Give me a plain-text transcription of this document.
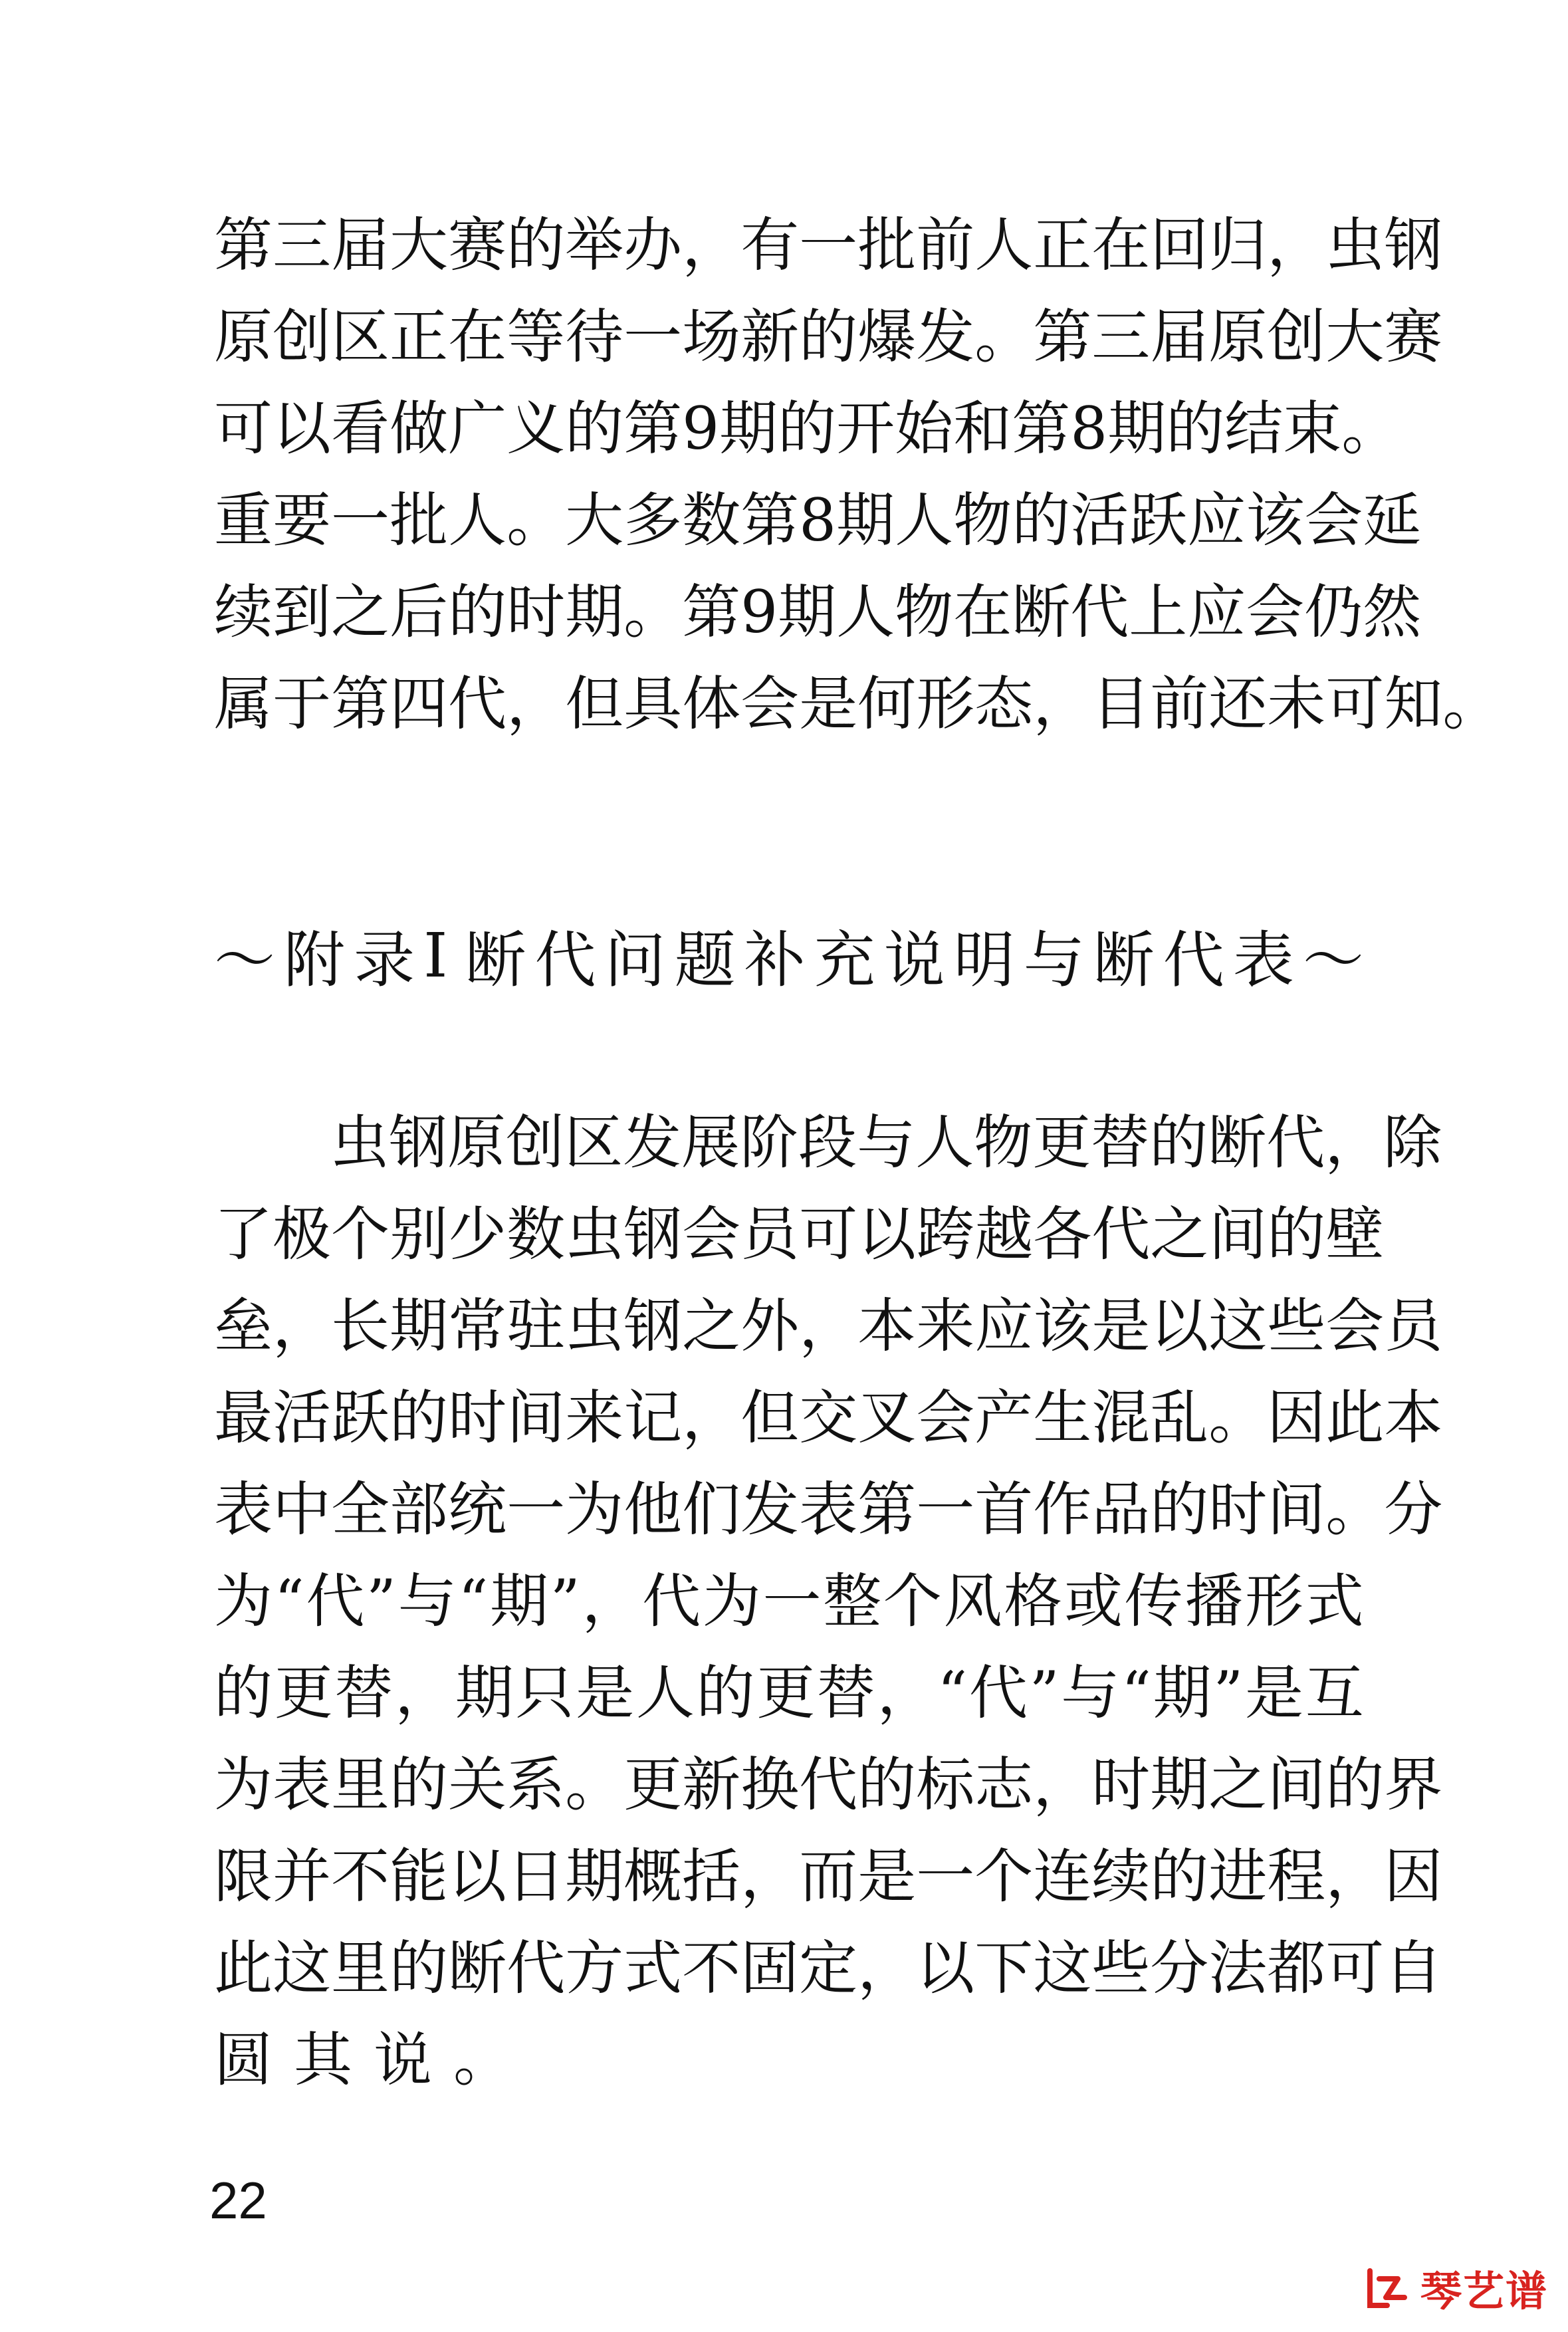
第 三 届 大 赛 的 举 办 ， 有 一 批 前 人 正 在 回 归 ， 虫 钢
原 创 区 正 在 等 待 一 场 新 的 爆 发 。 第 三 届 原 创 大 赛
可 以 看 做 广 义 的 第 9 期 的 开 始 和 第 8 期 的 结 束 。
重 要 一 批 人 。 大 多 数 第 8 期 人 物 的 活 跃 应 该 会 延
续 到 之 后 的 时 期 。 第 9 期 人 物 在 断 代 上 应 会 仍 然
属 于 第 四 代 ， 但 具 体 会 是 何 形 态 ， 目 前 还 未 可 知 。
～ 附 录 Ⅰ 断 代 问 题 补 充 说 明 与 断 代 表 ～
虫 钢 原 创 区 发 展 阶 段 与 人 物 更 替 的 断 代 ， 除
了 极 个 别 少 数 虫 钢 会 员 可 以 跨 越 各 代 之 间 的 壁
垒 ， 长 期 常 驻 虫 钢 之 外 ， 本 来 应 该 是 以 这 些 会 员
最 活 跃 的 时 间 来 记 ， 但 交 叉 会 产 生 混 乱 。 因 此 本
表 中 全 部 统 一 为 他 们 发 表 第 一 首 作 品 的 时 间 。 分
为 “ 代 ” 与 “ 期 ” ， 代 为 一 整 个 风 格 或 传 播 形 式
的 更 替 ， 期 只 是 人 的 更 替 ， “ 代 ” 与 “ 期 ” 是 互
为 表 里 的 关 系 。 更 新 换 代 的 标 志 ， 时 期 之 间 的 界
限 并 不 能 以 日 期 概 括 ， 而 是 一 个 连 续 的 进 程 ， 因
此 这 里 的 断 代 方 式 不 固 定 ， 以 下 这 些 分 法 都 可 自
圆其说。
22
琴艺谱
